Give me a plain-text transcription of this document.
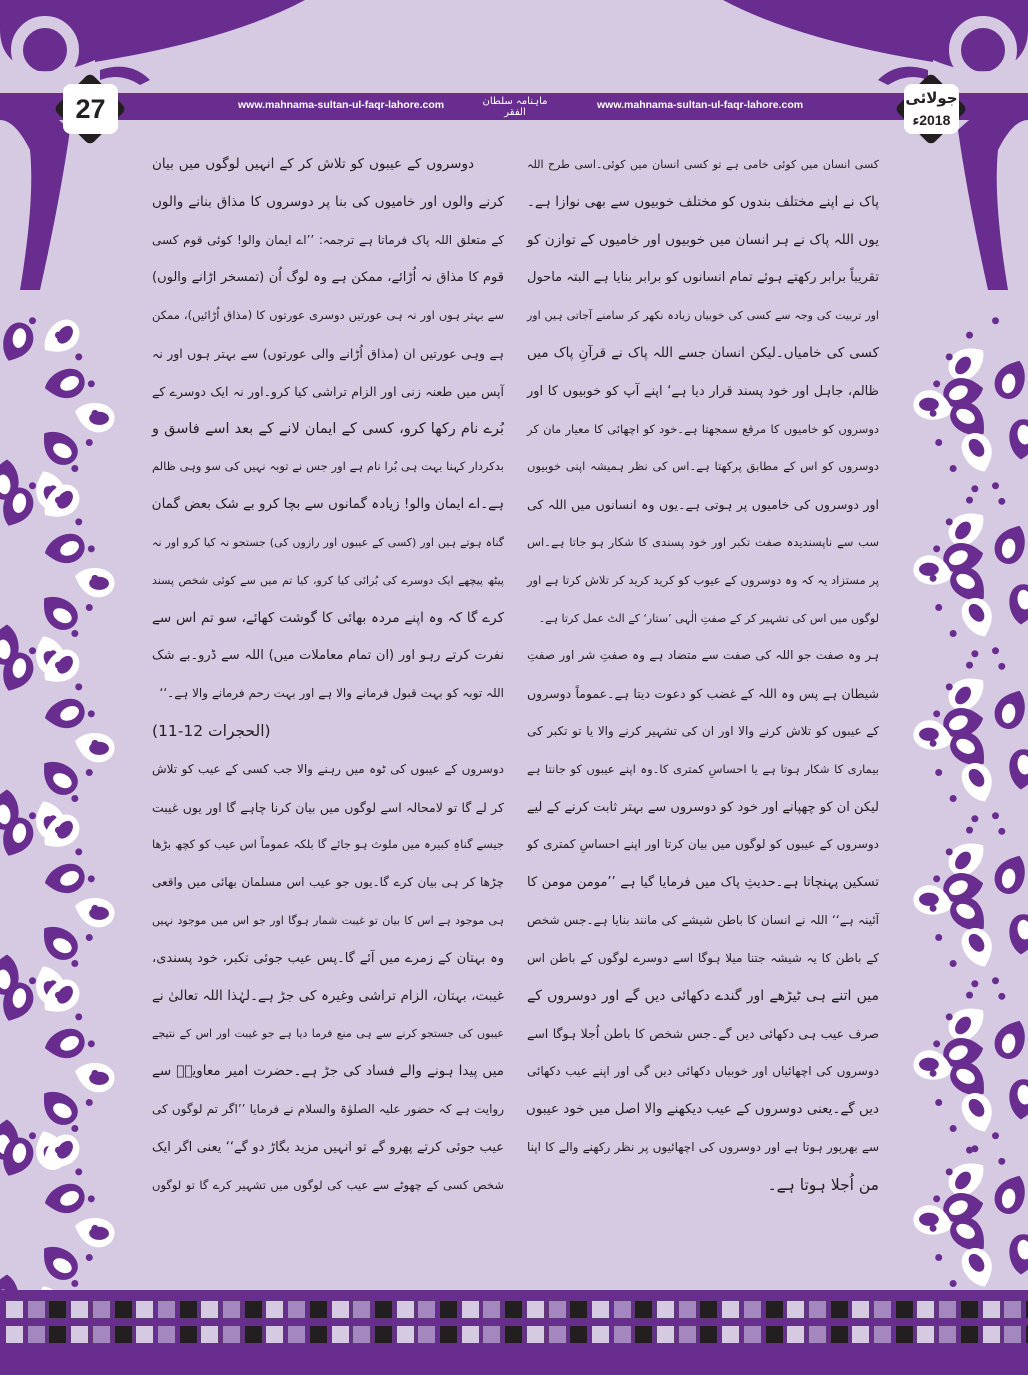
www.mahnama-sultan-ul-faqr-lahore.com	ماہنامہ سلطان الفقر
www.mahnama-sultan-ul-faqr-lahore.com
27	جولائی
2018ء
کسی انسان میں کوئی خامی ہے تو کسی انسان میں کوئی۔اسی طرح اللہ
پاک نے اپنے مختلف بندوں کو مختلف خوبیوں سے بھی نوازا ہے۔
یوں اللہ پاک نے ہر انسان میں خوبیوں اور خامیوں کے توازن کو
تقریباً برابر رکھتے ہوئے تمام انسانوں کو برابر بنایا ہے البتہ ماحول
اور تربیت کی وجہ سے کسی کی خوبیاں زیادہ نکھر کر سامنے آجاتی ہیں اور
کسی کی خامیاں۔لیکن انسان جسے اللہ پاک نے قرآنِ پاک میں
ظالم، جاہل اور خود پسند قرار دیا ہے‘ اپنے آپ کو خوبیوں کا اور
دوسروں کو خامیوں کا مرقع سمجھتا ہے۔خود کو اچھائی کا معیار مان کر
دوسروں کو اس کے مطابق پرکھتا ہے۔اس کی نظر ہمیشہ اپنی خوبیوں
اور دوسروں کی خامیوں پر ہوتی ہے۔یوں وہ انسانوں میں اللہ کی
سب سے ناپسندیدہ صفت تکبر اور خود پسندی کا شکار ہو جاتا ہے۔اس
پر مستزاد یہ کہ وہ دوسروں کے عیوب کو کرید کرید کر تلاش کرتا ہے اور
لوگوں میں اس کی تشہیر کر کے صفتِ الٰہی ’ستار‘ کے الٹ عمل کرتا ہے۔
ہر وہ صفت جو اللہ کی صفت سے متضاد ہے وہ صفتِ شر اور صفتِ
شیطان ہے پس وہ اللہ کے غضب کو دعوت دیتا ہے۔عموماً دوسروں
کے عیبوں کو تلاش کرنے والا اور ان کی تشہیر کرنے والا یا تو تکبر کی
بیماری کا شکار ہوتا ہے یا احساسِ کمتری کا۔وہ اپنے عیبوں کو جانتا ہے
لیکن ان کو چھپانے اور خود کو دوسروں سے بہتر ثابت کرنے کے لیے
دوسروں کے عیبوں کو لوگوں میں بیان کرتا اور اپنے احساسِ کمتری کو
تسکین پہنچاتا ہے۔حدیثِ پاک میں فرمایا گیا ہے ’’مومن مومن کا
آئینہ ہے‘‘ اللہ نے انسان کا باطن شیشے کی مانند بنایا ہے۔جس شخص
کے باطن کا یہ شیشہ جتنا میلا ہوگا اسے دوسرے لوگوں کے باطن اس
میں اتنے ہی ٹیڑھے اور گندے دکھائی دیں گے اور دوسروں کے
صرف عیب ہی دکھائی دیں گے۔جس شخص کا باطن اُجلا ہوگا اسے
دوسروں کی اچھائیاں اور خوبیاں دکھائی دیں گی اور اپنے عیب دکھائی
دیں گے۔یعنی دوسروں کے عیب دیکھنے والا اصل میں خود عیبوں
سے بھرپور ہوتا ہے اور دوسروں کی اچھائیوں پر نظر رکھنے والے کا اپنا
من اُجلا ہوتا ہے۔
دوسروں کے عیبوں کو تلاش کر کے انہیں لوگوں میں بیان
کرنے والوں اور خامیوں کی بنا پر دوسروں کا مذاق بنانے والوں
کے متعلق اللہ پاک فرماتا ہے ترجمہ: ’’اے ایمان والو! کوئی قوم کسی
قوم کا مذاق نہ اُڑائے، ممکن ہے وہ لوگ اُن (تمسخر اڑانے والوں)
سے بہتر ہوں اور نہ ہی عورتیں دوسری عورتوں کا (مذاق اُڑائیں)، ممکن
ہے وہی عورتیں ان (مذاق اُڑانے والی عورتوں) سے بہتر ہوں اور نہ
آپس میں طعنہ زنی اور الزام تراشی کیا کرو۔اور نہ ایک دوسرے کے
بُرے نام رکھا کرو، کسی کے ایمان لانے کے بعد اسے فاسق و
بدکردار کہنا بہت ہی بُرا نام ہے اور جس نے توبہ نہیں کی سو وہی ظالم
ہے۔اے ایمان والو! زیادہ گمانوں سے بچا کرو بے شک بعض گمان
گناہ ہوتے ہیں اور (کسی کے عیبوں اور رازوں کی) جستجو نہ کیا کرو اور نہ
پیٹھ پیچھے ایک دوسرے کی بُرائی کیا کرو، کیا تم میں سے کوئی شخص پسند
کرے گا کہ وہ اپنے مردہ بھائی کا گوشت کھائے، سو تم اس سے
نفرت کرتے رہو اور (ان تمام معاملات میں) اللہ سے ڈرو۔بے شک
اللہ توبہ کو بہت قبول فرمانے والا ہے اور بہت رحم فرمانے والا ہے۔‘‘
(الحجرات 12-11)
دوسروں کے عیبوں کی ٹوہ میں رہنے والا جب کسی کے عیب کو تلاش
کر لے گا تو لامحالہ اسے لوگوں میں بیان کرنا چاہے گا اور یوں غیبت
جیسے گناہِ کبیرہ میں ملوث ہو جائے گا بلکہ عموماً اس عیب کو کچھ بڑھا
چڑھا کر ہی بیان کرے گا۔یوں جو عیب اس مسلمان بھائی میں واقعی
ہی موجود ہے اس کا بیان تو غیبت شمار ہوگا اور جو اس میں موجود نہیں
وہ بہتان کے زمرے میں آئے گا۔پس عیب جوئی تکبر، خود پسندی،
غیبت، بہتان، الزام تراشی وغیرہ کی جڑ ہے۔لہٰذا اللہ تعالیٰ نے
عیبوں کی جستجو کرنے سے ہی منع فرما دیا ہے جو غیبت اور اس کے نتیجے
میں پیدا ہونے والے فساد کی جڑ ہے۔حضرت امیر معاویہؓ سے
روایت ہے کہ حضور علیہ الصلوٰۃ والسلام نے فرمایا ’’اگر تم لوگوں کی
عیب جوئی کرتے پھرو گے تو انہیں مزید بگاڑ دو گے‘‘ یعنی اگر ایک
شخص کسی کے چھوٹے سے عیب کی لوگوں میں تشہیر کرے گا تو لوگوں
